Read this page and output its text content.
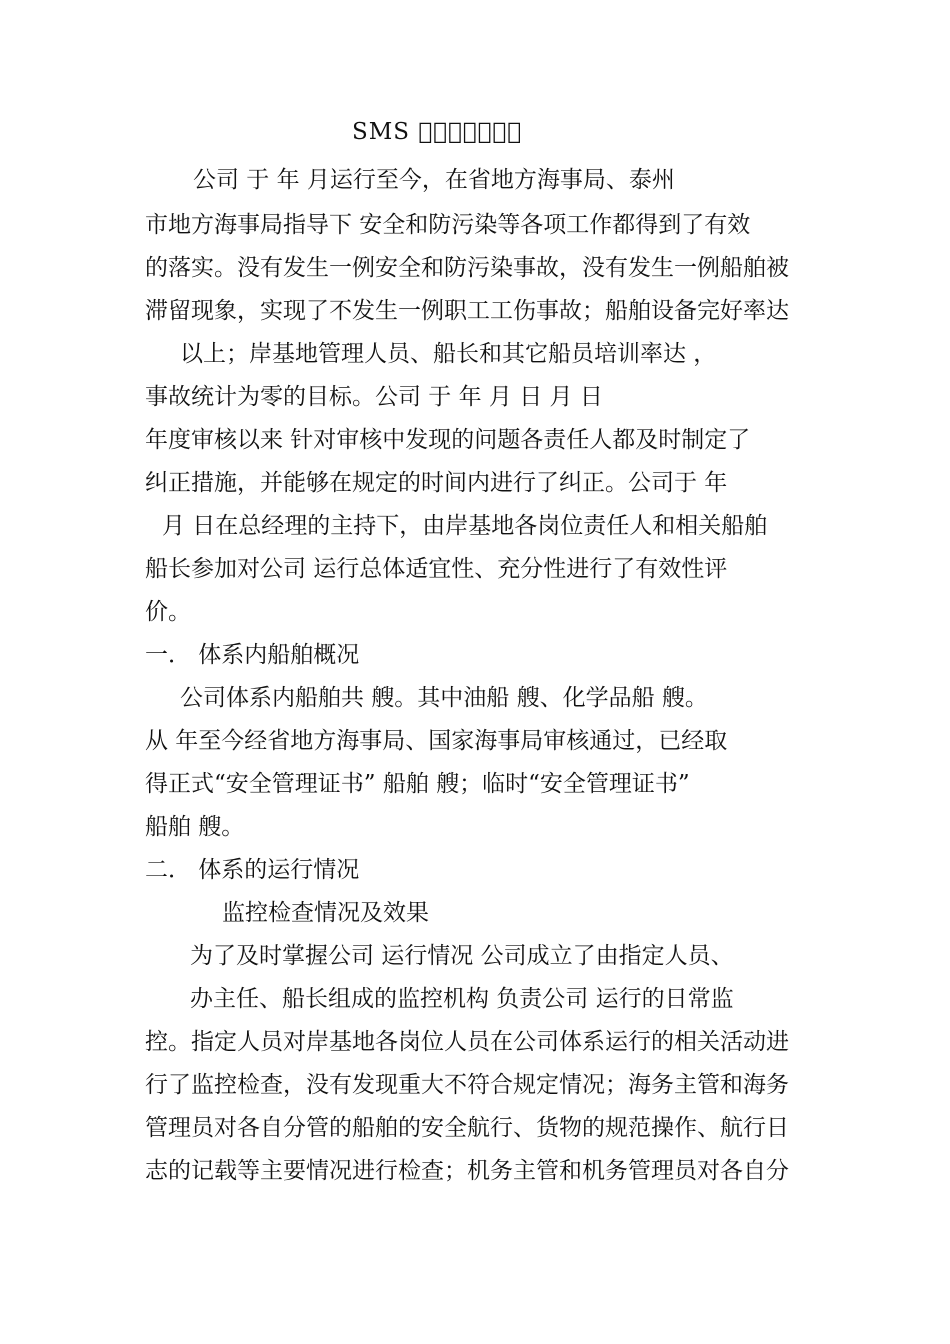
SMS 􀀀􀀀􀀀􀀀􀀀􀀀􀀀
公司 于 年 月运行至今，在省地方海事局、泰州
市地方海事局指导下 安全和防污染等各项工作都得到了有效
的落实。没有发生一例安全和防污染事故，没有发生一例船舶被
滞留现象，实现了不发生一例职工工伤事故；船舶设备完好率达
以上；岸基地管理人员、船长和其它船员培训率达 ，
事故统计为零的目标。公司 于 年 月 日 月 日
年度审核以来 针对审核中发现的问题各责任人都及时制定了
纠正措施，并能够在规定的时间内进行了纠正。公司于 年
月 日在总经理的主持下，由岸基地各岗位责任人和相关船舶
船长参加对公司 运行总体适宜性、充分性进行了有效性评
价。
一． 体系内船舶概况
公司体系内船舶共 艘。其中油船 艘、化学品船 艘。
从 年至今经省地方海事局、国家海事局审核通过，已经取
得正式“安全管理证书” 船舶 艘；临时“安全管理证书”
船舶 艘。
二． 体系的运行情况
监控检查情况及效果
为了及时掌握公司 运行情况 公司成立了由指定人员、
办主任、船长组成的监控机构 负责公司 运行的日常监
控。指定人员对岸基地各岗位人员在公司体系运行的相关活动进
行了监控检查，没有发现重大不符合规定情况；海务主管和海务
管理员对各自分管的船舶的安全航行、货物的规范操作、航行日
志的记载等主要情况进行检查；机务主管和机务管理员对各自分
